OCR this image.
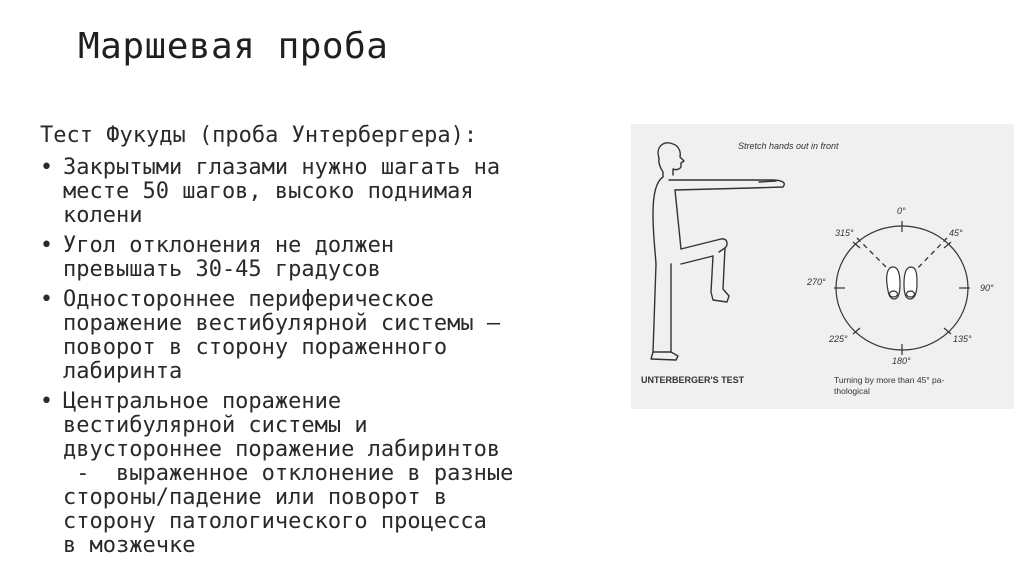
Маршевая проба
Тест Фукуды (проба Унтербергера):
• Закрытыми глазами нужно шагать на
месте 50 шагов, высоко поднимая
колени
• Угол отклонения не должен
превышать 30-45 градусов
• Одностороннее периферическое
поражение вестибулярной системы –
поворот в сторону пораженного
лабиринта
• Центральное поражение
вестибулярной системы и
двустороннее поражение лабиринтов
-  выраженное отклонение в разные
стороны/падение или поворот в
сторону патологического процесса
в мозжечке
Stretch hands out in front
0°
45°
90°
135°
180°
225°
270°
315°
UNTERBERGER'S TEST	Turning by more than 45° pa-
thological
